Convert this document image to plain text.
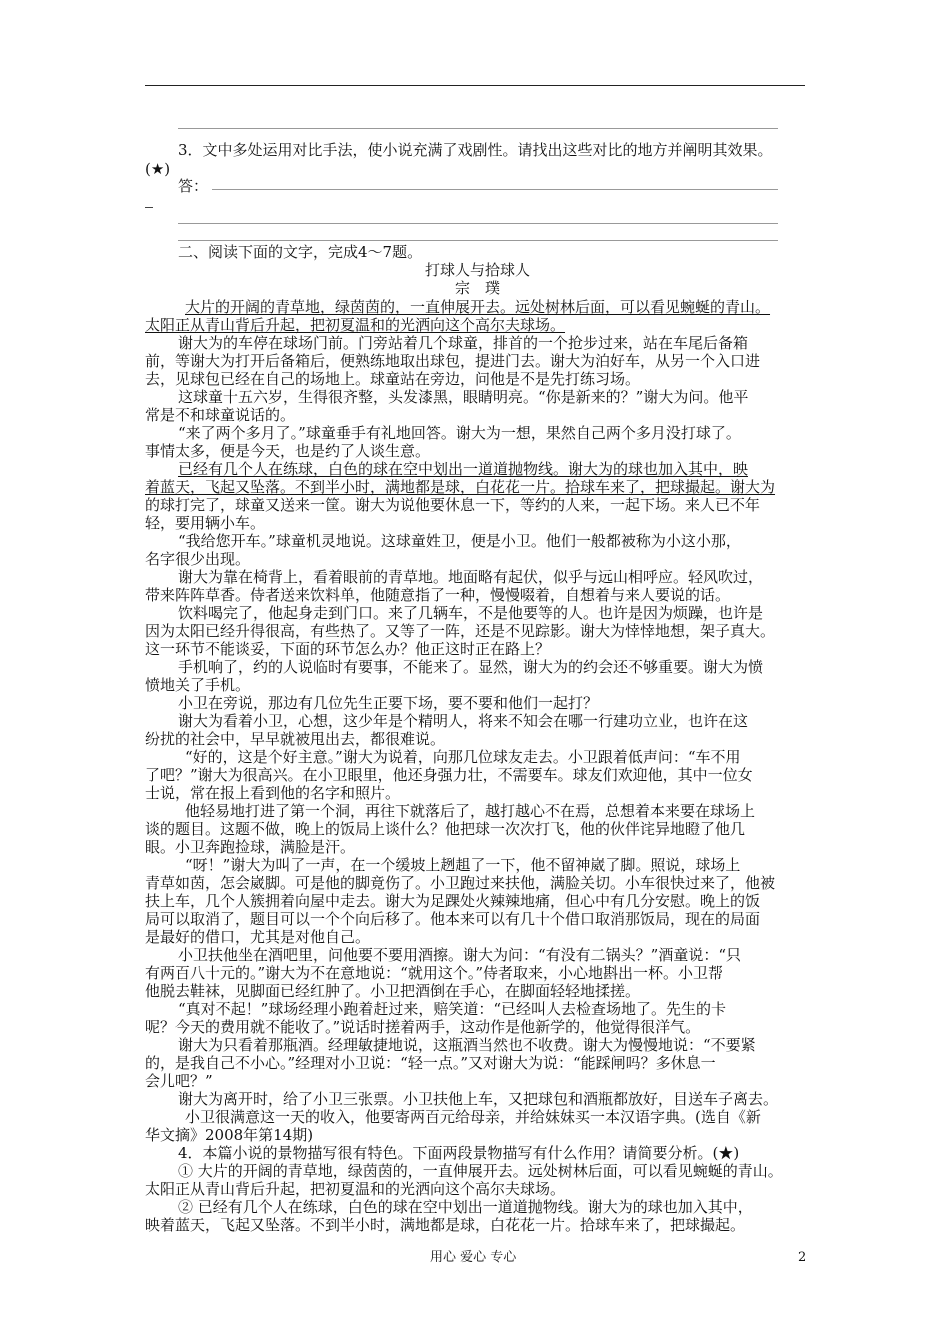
3．文中多处运用对比手法，使小说充满了戏剧性。请找出这些对比的地方并阐明其效果。
(★)
答：
二、阅读下面的文字，完成4～7题。
打球人与拾球人
宗　璞
大片的开阔的青草地，绿茵茵的，一直伸展开去。远处树林后面，可以看见蜿蜒的青山。
太阳正从青山背后升起，把初夏温和的光洒向这个高尔夫球场。
谢大为的车停在球场门前。门旁站着几个球童，排首的一个抢步过来，站在车尾后备箱
前，等谢大为打开后备箱后，便熟练地取出球包，提进门去。谢大为泊好车，从另一个入口进
去，见球包已经在自己的场地上。球童站在旁边，问他是不是先打练习场。
这球童十五六岁，生得很齐整，头发漆黑，眼睛明亮。“你是新来的？”谢大为问。他平
常是不和球童说话的。
“来了两个多月了。”球童垂手有礼地回答。谢大为一想，果然自己两个多月没打球了。
事情太多，便是今天，也是约了人谈生意。
已经有几个人在练球，白色的球在空中划出一道道抛物线。谢大为的球也加入其中，映
着蓝天，飞起又坠落。不到半小时，满地都是球，白花花一片。拾球车来了，把球撮起。谢大为
的球打完了，球童又送来一筐。谢大为说他要休息一下，等约的人来，一起下场。来人已不年
轻，要用辆小车。
“我给您开车。”球童机灵地说。这球童姓卫，便是小卫。他们一般都被称为小这小那，
名字很少出现。
谢大为靠在椅背上，看着眼前的青草地。地面略有起伏，似乎与远山相呼应。轻风吹过，
带来阵阵草香。侍者送来饮料单，他随意指了一种，慢慢啜着，自想着与来人要说的话。
饮料喝完了，他起身走到门口。来了几辆车，不是他要等的人。也许是因为烦躁，也许是
因为太阳已经升得很高，有些热了。又等了一阵，还是不见踪影。谢大为悻悻地想，架子真大。
这一环节不能谈妥，下面的环节怎么办？他正这时正在路上？
手机响了，约的人说临时有要事，不能来了。显然，谢大为的约会还不够重要。谢大为愤
愤地关了手机。
小卫在旁说，那边有几位先生正要下场，要不要和他们一起打？
谢大为看着小卫，心想，这少年是个精明人，将来不知会在哪一行建功立业，也许在这
纷扰的社会中，早早就被甩出去，都很难说。
“好的，这是个好主意。”谢大为说着，向那几位球友走去。小卫跟着低声问：“车不用
了吧？”谢大为很高兴。在小卫眼里，他还身强力壮，不需要车。球友们欢迎他，其中一位女
士说，常在报上看到他的名字和照片。
他轻易地打进了第一个洞，再往下就落后了，越打越心不在焉，总想着本来要在球场上
谈的题目。这题不做，晚上的饭局上谈什么？他把球一次次打飞，他的伙伴诧异地瞪了他几
眼。小卫奔跑捡球，满脸是汗。
“呀！”谢大为叫了一声，在一个缓坡上趔趄了一下，他不留神崴了脚。照说，球场上
青草如茵，怎会崴脚。可是他的脚竟伤了。小卫跑过来扶他，满脸关切。小车很快过来了，他被
扶上车，几个人簇拥着向屋中走去。谢大为足踝处火辣辣地痛，但心中有几分安慰。晚上的饭
局可以取消了，题目可以一个个向后移了。他本来可以有几十个借口取消那饭局，现在的局面
是最好的借口，尤其是对他自己。
小卫扶他坐在酒吧里，问他要不要用酒擦。谢大为问：“有没有二锅头？”酒童说：“只
有两百八十元的。”谢大为不在意地说：“就用这个。”侍者取来，小心地斟出一杯。小卫帮
他脱去鞋袜，见脚面已经红肿了。小卫把酒倒在手心，在脚面轻轻地揉搓。
“真对不起！”球场经理小跑着赶过来，赔笑道：“已经叫人去检查场地了。先生的卡
呢？今天的费用就不能收了。”说话时搓着两手，这动作是他新学的，他觉得很洋气。
谢大为只看着那瓶酒。经理敏捷地说，这瓶酒当然也不收费。谢大为慢慢地说：“不要紧
的，是我自己不小心。”经理对小卫说：“轻一点。”又对谢大为说：“能踩闸吗？多休息一
会儿吧？”
谢大为离开时，给了小卫三张票。小卫扶他上车，又把球包和酒瓶都放好，目送车子离去。
小卫很满意这一天的收入，他要寄两百元给母亲，并给妹妹买一本汉语字典。(选自《新
华文摘》2008年第14期)
4．本篇小说的景物描写很有特色。下面两段景物描写有什么作用？请简要分析。(★)
① 大片的开阔的青草地，绿茵茵的，一直伸展开去。远处树林后面，可以看见蜿蜒的青山。
太阳正从青山背后升起，把初夏温和的光洒向这个高尔夫球场。
② 已经有几个人在练球，白色的球在空中划出一道道抛物线。谢大为的球也加入其中，
映着蓝天，飞起又坠落。不到半小时，满地都是球，白花花一片。拾球车来了，把球撮起。
用心 爱心 专心	2
